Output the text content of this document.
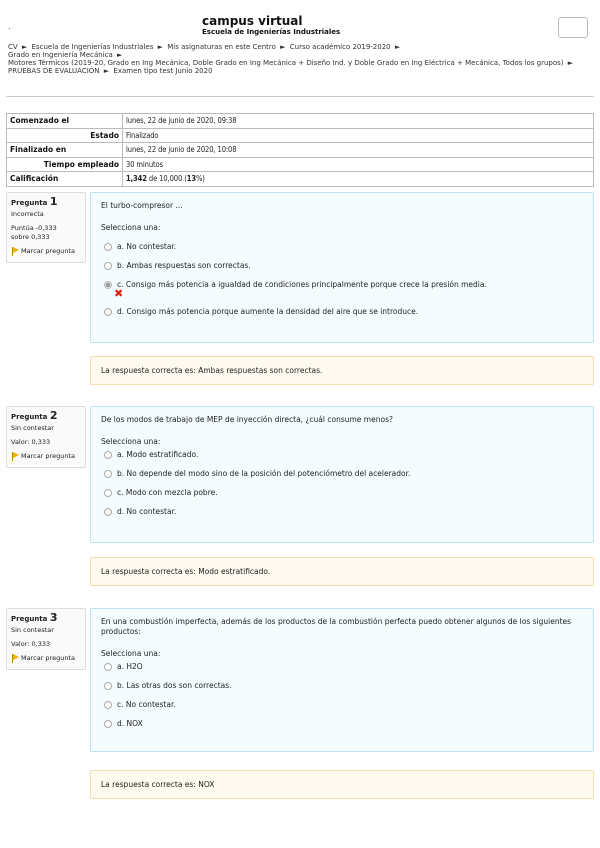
.	campus virtual
Escuela de Ingenierías Industriales
CV ► Escuela de Ingenierías Industriales ► Mis asignaturas en este Centro ► Curso académico 2019-2020 ►
Grado en Ingeniería Mecánica ►
Motores Térmicos (2019-20, Grado en Ing Mecánica, Doble Grado en Ing Mecánica + Diseño Ind. y Doble Grado en Ing Eléctrica + Mecánica, Todos los grupos) ►
PRUEBAS DE EVALUACIÓN ► Examen tipo test Junio 2020
Comenzado el	lunes, 22 de junio de 2020, 09:38
Estado	Finalizado
Finalizado en	lunes, 22 de junio de 2020, 10:08
Tiempo empleado	30 minutos
Calificación	1,342 de 10,000 (13%)
Pregunta 1
Incorrecta
Puntúa -0,333
sobre 0,333
Marcar pregunta
El turbo-compresor ...
Selecciona una:
a. No contestar.
b. Ambas respuestas son correctas.
c. Consigo más potencia a igualdad de condiciones principalmente porque crece la presión media.
✖
d. Consigo más potencia porque aumente la densidad del aire que se introduce.
La respuesta correcta es: Ambas respuestas son correctas.
Pregunta 2
Sin contestar
Valor: 0,333
Marcar pregunta
De los modos de trabajo de MEP de inyección directa, ¿cuál consume menos?
Selecciona una:
a. Modo estratificado.
b. No depende del modo sino de la posición del potenciómetro del acelerador.
c. Modo con mezcla pobre.
d. No contestar.
La respuesta correcta es: Modo estratificado.
Pregunta 3
Sin contestar
Valor: 0,333
Marcar pregunta
En una combustión imperfecta, además de los productos de la combustión perfecta puedo obtener algunos de los siguientes productos:
Selecciona una:
a. H2O
b. Las otras dos son correctas.
c. No contestar.
d. NOX
La respuesta correcta es: NOX
